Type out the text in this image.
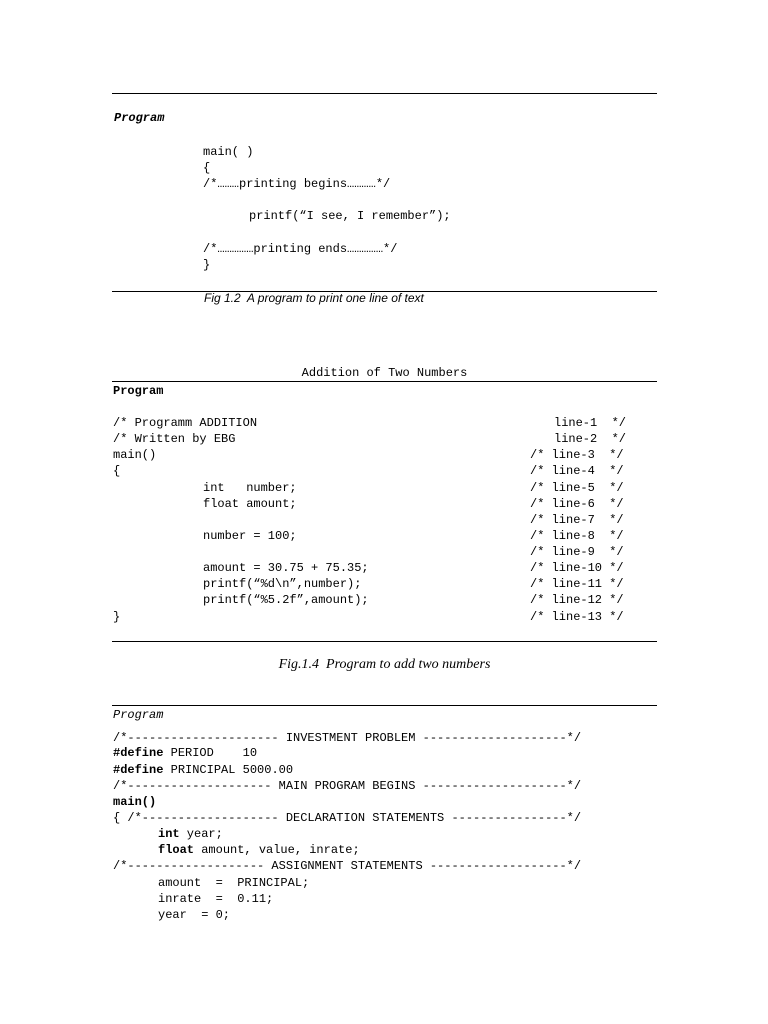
Program
main( )
{
/*………printing begins…………*/
printf(“I see, I remember”);
/*……………printing ends……………*/
}
Fig 1.2  A program to print one line of text
Addition of Two Numbers
Program
/* Programm ADDITION
/* Written by EBG
main()
{
int   number;
float amount;
number = 100;
amount = 30.75 + 75.35;
printf(“%d\n”,number);
printf(“%5.2f”,amount);
}
line-1  */
line-2  */
/* line-3  */
/* line-4  */
/* line-5  */
/* line-6  */
/* line-7  */
/* line-8  */
/* line-9  */
/* line-10 */
/* line-11 */
/* line-12 */
/* line-13 */
Fig.1.4  Program to add two numbers
Program
/*--------------------- INVESTMENT PROBLEM --------------------*/
#define PERIOD    10
#define PRINCIPAL 5000.00
/*-------------------- MAIN PROGRAM BEGINS --------------------*/
main()
{ /*------------------- DECLARATION STATEMENTS ----------------*/
int year;
float amount, value, inrate;
/*------------------- ASSIGNMENT STATEMENTS -------------------*/
amount  =  PRINCIPAL;
inrate  =  0.11;
year  = 0;
